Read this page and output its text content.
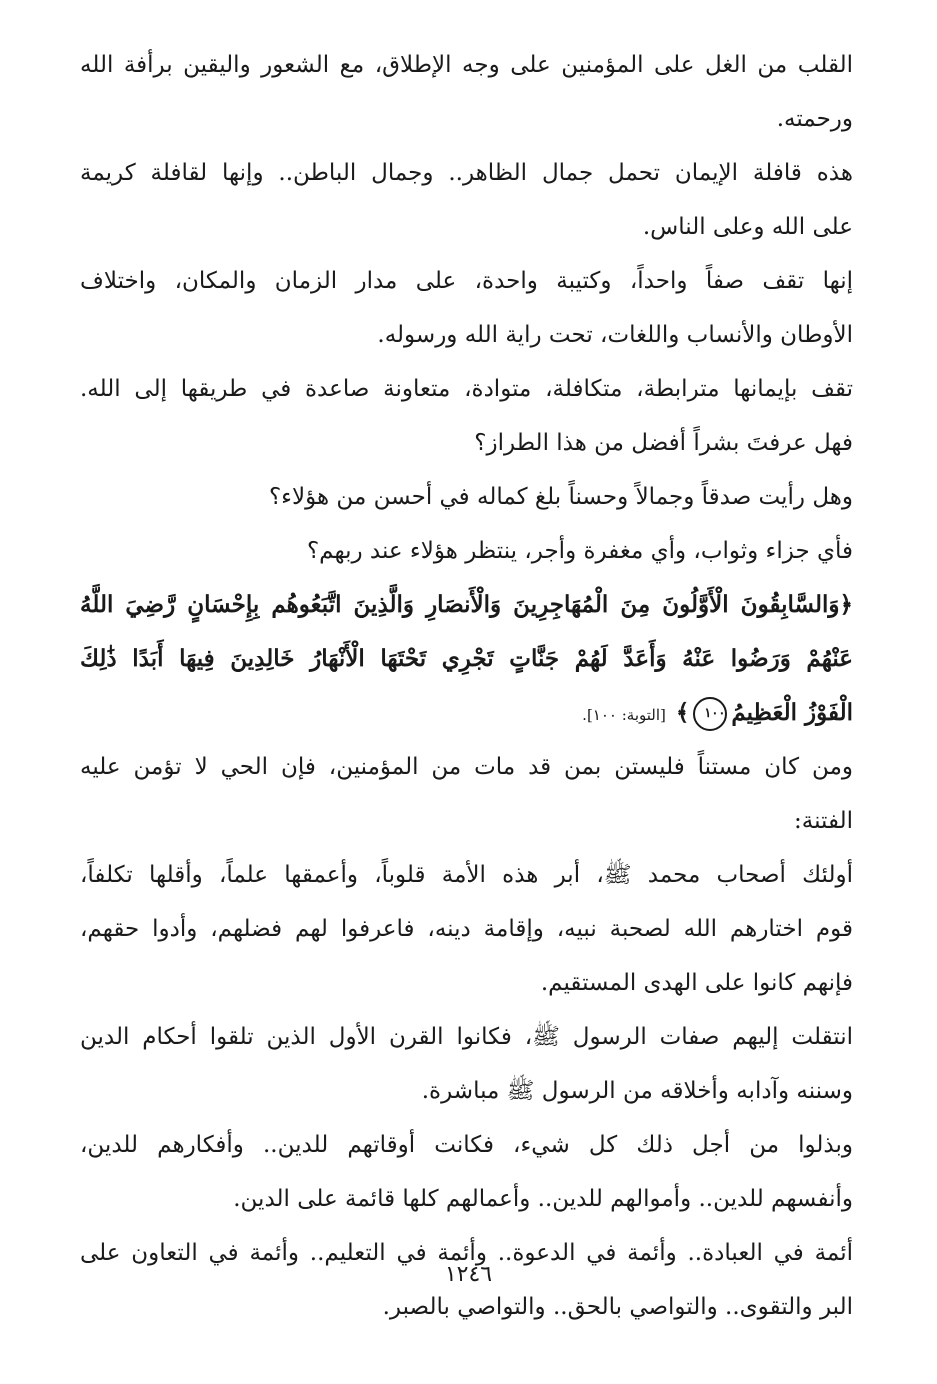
القلب من الغل على المؤمنين على وجه الإطلاق، مع الشعور واليقين برأفة الله
ورحمته.
هذه قافلة الإيمان تحمل جمال الظاهر.. وجمال الباطن.. وإنها لقافلة كريمة
على الله وعلى الناس.
إنها تقف صفاً واحداً، وكتيبة واحدة، على مدار الزمان والمكان، واختلاف
الأوطان والأنساب واللغات، تحت راية الله ورسوله.
تقف بإيمانها مترابطة، متكافلة، متوادة، متعاونة صاعدة في طريقها إلى الله.
فهل عرفتَ بشراً أفضل من هذا الطراز؟
وهل رأيت صدقاً وجمالاً وحسناً بلغ كماله في أحسن من هؤلاء؟
فأي جزاء وثواب، وأي مغفرة وأجر، ينتظر هؤلاء عند ربهم؟
﴿وَالسَّابِقُونَ الْأَوَّلُونَ مِنَ الْمُهَاجِرِينَ وَالْأَنصَارِ وَالَّذِينَ اتَّبَعُوهُم بِإِحْسَانٍ رَّضِيَ اللَّهُ
عَنْهُمْ وَرَضُوا عَنْهُ وَأَعَدَّ لَهُمْ جَنَّاتٍ تَجْرِي تَحْتَهَا الْأَنْهَارُ خَالِدِينَ فِيهَا أَبَدًا ذَٰلِكَ
الْفَوْزُ الْعَظِيمُ١٠٠﴾[التوبة: ١٠٠].
ومن كان مستناً فليستن بمن قد مات من المؤمنين، فإن الحي لا تؤمن عليه
الفتنة:
أولئك أصحاب محمد ﷺ، أبر هذه الأمة قلوباً، وأعمقها علماً، وأقلها تكلفاً،
قوم اختارهم الله لصحبة نبيه، وإقامة دينه، فاعرفوا لهم فضلهم، وأدوا حقهم،
فإنهم كانوا على الهدى المستقيم.
انتقلت إليهم صفات الرسول ﷺ، فكانوا القرن الأول الذين تلقوا أحكام الدين
وسننه وآدابه وأخلاقه من الرسول ﷺ مباشرة.
وبذلوا من أجل ذلك كل شيء، فكانت أوقاتهم للدين.. وأفكارهم للدين،
وأنفسهم للدين.. وأموالهم للدين.. وأعمالهم كلها قائمة على الدين.
أئمة في العبادة.. وأئمة في الدعوة.. وأئمة في التعليم.. وأئمة في التعاون على
البر والتقوى.. والتواصي بالحق.. والتواصي بالصبر.
١٢٤٦
